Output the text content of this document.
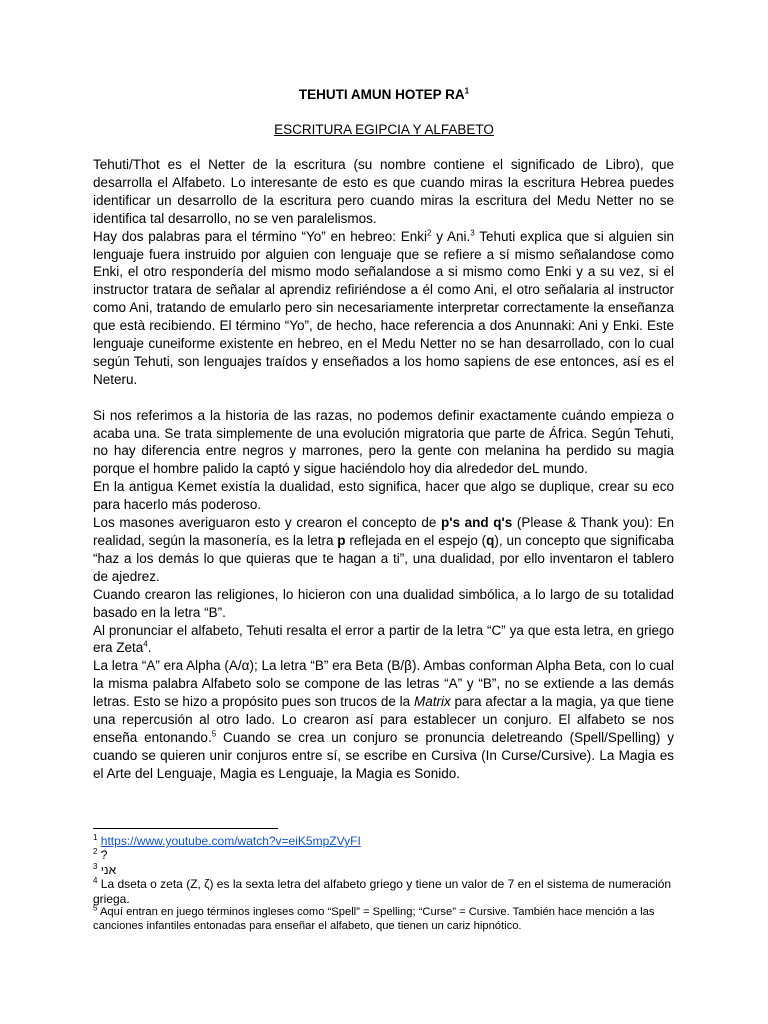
TEHUTI AMUN HOTEP $RA^1$
ESCRITURA EGIPCIA Y ALFABETO

Tehuti/Thot es el Netter de la escritura (su nombre contiene el significado de Libro), que desarrolla el Alfabeto. Lo interesante de esto es que cuando miras la escritura Hebrea puedes identificar un desarrollo de la escritura pero cuando miras la escritura del Medu Netter no se identifica tal desarrollo, no se ven paralelismos.

Hay dos palabras para el término “Yo” en hebreo: Enki$^2$ y Ani.$^3$ Tehuti explica que si alguien sin lenguaje fuera instruido por alguien con lenguaje que se refiere a sí mismo señalandose como Enki, el otro respondería del mismo modo señalandose a si mismo como Enki y a su vez, si el instructor tratara de señalar al aprendiz refiriéndose a él como Ani, el otro señalaria al instructor como Ani, tratando de emularlo pero sin necesariamente interpretar correctamente la enseñanza que està recibiendo. El término “Yo”, de hecho, hace referencia a dos Anunnaki: Ani y Enki. Este lenguaje cuneiforme existente en hebreo, en el Medu Netter no se han desarrollado, con lo cual según Tehuti, son lenguajes traídos y enseñados a los homo sapiens de ese entonces, así es el Neteru.

Si nos referimos a la historia de las razas, no podemos definir exactamente cuándo empieza o acaba una. Se trata simplemente de una evolución migratoria que parte de África. Según Tehuti, no hay diferencia entre negros y marrones, pero la gente con melanina ha perdido su magia porque el hombre palido la captó y sigue haciéndolo hoy dia alrededor deL mundo.

En la antigua Kemet existía la dualidad, esto significa, hacer que algo se duplique, crear su eco para hacerlo más poderoso.

Los masones averiguaron esto y crearon el concepto de p's and q's (Please & Thank you): En realidad, según la masonería, es la letra p reflejada en el espejo (q), un concepto que significaba “haz a los demás lo que quieras que te hagan a ti”, una dualidad, por ello inventaron el tablero de ajedrez.

Cuando crearon las religiones, lo hicieron con una dualidad simbólica, a lo largo de su totalidad basado en la letra “B”.

Al pronunciar el alfabeto, Tehuti resalta el error a partir de la letra “C” ya que esta letra, en griego era Zeta$^4$.

La letra “A” era Alpha (A/α); La letra “B” era Beta (B/β). Ambas conforman Alpha Beta, con lo cual la misma palabra Alfabeto solo se compone de las letras “A” y “B”, no se extiende a las demás letras. Esto se hizo a propósito pues son trucos de la Matrix para afectar a la magia, ya que tiene una repercusión al otro lado. Lo crearon así para establecer un conjuro. El alfabeto se nos enseña entonando.$^5$ Cuando se crea un conjuro se pronuncia deletreando (Spell/Spelling) y cuando se quieren unir conjuros entre sí, se escribe en Cursiva (In Curse/Cursive). La Magia es el Arte del Lenguaje, Magia es Lenguaje, la Magia es Sonido.

$^1$ https://www.youtube.com/watch?v=eiK5mpZVyFI

$^2$ ?

$^3$ אני

$^4$ La dseta o zeta (Z, ζ) es la sexta letra del alfabeto griego y tiene un valor de 7 en el sistema de numeración griega.

$^5$ Aquí entran en juego términos ingleses como “Spell” = Spelling; “Curse” = Cursive. También hace mención a las canciones infantiles entonadas para enseñar el alfabeto, que tienen un cariz hipnótico.
